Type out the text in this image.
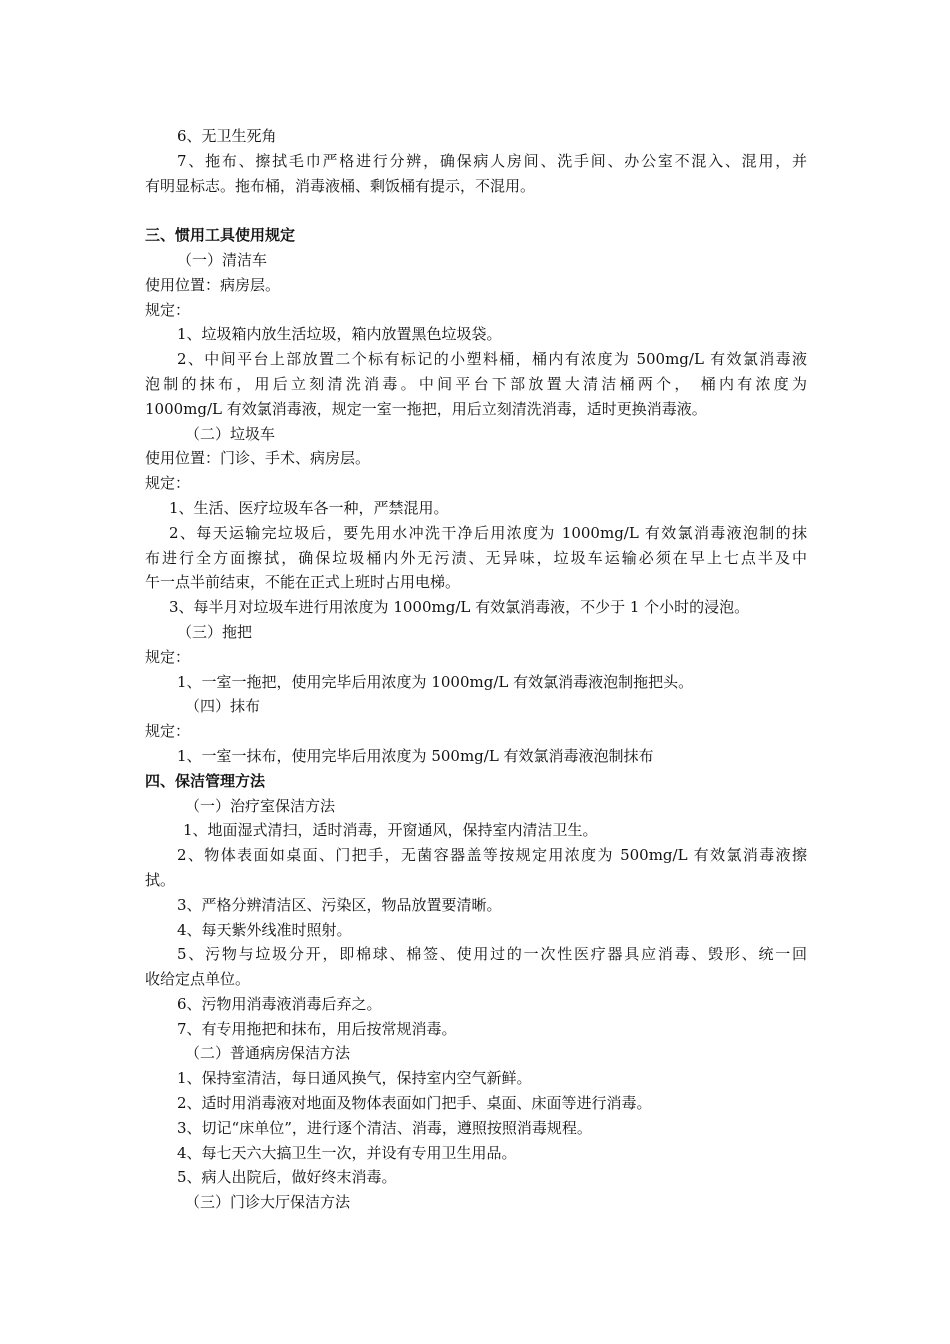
6、无卫生死角
7、拖布、擦拭毛巾严格进行分辨，确保病人房间、洗手间、办公室不混入、混用，并
有明显标志。拖布桶，消毒液桶、剩饭桶有提示，不混用。
三、惯用工具使用规定
（一）清洁车
使用位置：病房层。
规定：
1、垃圾箱内放生活垃圾，箱内放置黑色垃圾袋。
2、中间平台上部放置二个标有标记的小塑料桶，桶内有浓度为 500mg/L 有效氯消毒液
泡制的抹布，用后立刻清洗消毒。中间平台下部放置大清洁桶两个， 桶内有浓度为
1000mg/L 有效氯消毒液，规定一室一拖把，用后立刻清洗消毒，适时更换消毒液。
（二）垃圾车
使用位置：门诊、手术、病房层。
规定：
1、生活、医疗垃圾车各一种，严禁混用。
2、每天运输完垃圾后，要先用水冲洗干净后用浓度为 1000mg/L 有效氯消毒液泡制的抹
布进行全方面擦拭，确保垃圾桶内外无污渍、无异味，垃圾车运输必须在早上七点半及中
午一点半前结束，不能在正式上班时占用电梯。
3、每半月对垃圾车进行用浓度为 1000mg/L 有效氯消毒液，不少于 1 个小时的浸泡。
（三）拖把
规定：
1、一室一拖把，使用完毕后用浓度为 1000mg/L 有效氯消毒液泡制拖把头。
（四）抹布
规定：
1、一室一抹布，使用完毕后用浓度为 500mg/L 有效氯消毒液泡制抹布
四、保洁管理方法
（一）治疗室保洁方法
1、地面湿式清扫，适时消毒，开窗通风，保持室内清洁卫生。
2、物体表面如桌面、门把手，无菌容器盖等按规定用浓度为 500mg/L 有效氯消毒液擦
拭。
3、严格分辨清洁区、污染区，物品放置要清晰。
4、每天紫外线准时照射。
5、污物与垃圾分开，即棉球、棉签、使用过的一次性医疗器具应消毒、毁形、统一回
收给定点单位。
6、污物用消毒液消毒后弃之。
7、有专用拖把和抹布，用后按常规消毒。
（二）普通病房保洁方法
1、保持室清洁，每日通风换气，保持室内空气新鲜。
2、适时用消毒液对地面及物体表面如门把手、桌面、床面等进行消毒。
3、切记“床单位”，进行逐个清洁、消毒，遵照按照消毒规程。
4、每七天六大搞卫生一次，并设有专用卫生用品。
5、病人出院后，做好终末消毒。
（三）门诊大厅保洁方法
